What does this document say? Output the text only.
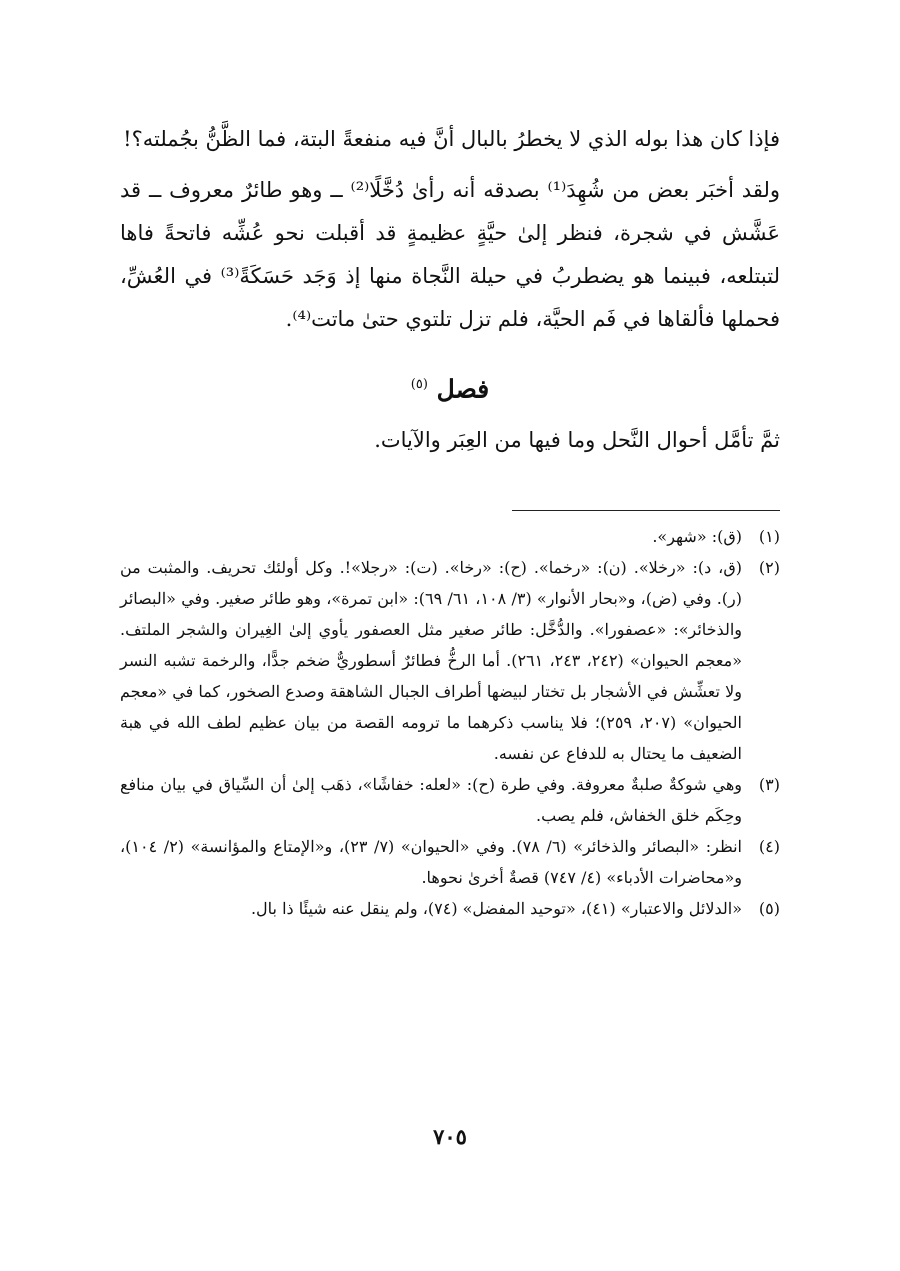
فإذا كان هذا بوله الذي لا يخطرُ بالبال أنَّ فيه منفعةً البتة، فما الظَّنُّ بجُملته؟!

ولقد أخبَر بعض من شُهِدَ⁽¹⁾ بصدقه أنه رأىٰ دُخَّلًا⁽²⁾ ــ وهو طائرٌ معروف ــ قد عَشَّش في شجرة، فنظر إلىٰ حيَّةٍ عظيمةٍ قد أقبلت نحو عُشِّه فاتحةً فاها لتبتلعه، فبينما هو يضطربُ في حيلة النَّجاة منها إذ وَجَد حَسَكَةً⁽³⁾ في العُشِّ، فحملها فألقاها في فَم الحيَّة، فلم تزل تلتوي حتىٰ ماتت⁽⁴⁾.

فصل $^{(٥)}$

ثمَّ تأمَّل أحوال النَّحل وما فيها من العِبَر والآيات.

(١)
(ق): «شهر».
(٢)
(ق، د): «رخلا». (ن): «رخما». (ح): «رخا». (ت): «رجلا»!. وكل أولئك تحريف. والمثبت من (ر). وفي (ض)، و«بحار الأنوار» (٣/ ١٠٨، ٦١/ ٦٩): «ابن تمرة»، وهو طائر صغير. وفي «البصائر والذخائر»: «عصفورا». والدُّخَّل: طائر صغير مثل العصفور يأوي إلىٰ الغِيران والشجر الملتف. «معجم الحيوان» (٢٤٢، ٢٤٣، ٢٦١). أما الرخُّ فطائرٌ أسطوريٌّ ضخم جدًّا، والرخمة تشبه النسر ولا تعشِّش في الأشجار بل تختار لبيضها أطراف الجبال الشاهقة وصدع الصخور، كما في «معجم الحيوان» (٢٠٧، ٢٥٩)؛ فلا يناسب ذكرهما ما ترومه القصة من بيان عظيم لطف الله في هبة الضعيف ما يحتال به للدفاع عن نفسه.
(٣)
وهي شوكةٌ صلبةٌ معروفة. وفي طرة (ح): «لعله: خفاشًا»، ذهَب إلىٰ أن السِّياق في بيان منافع وحِكَم خلق الخفاش، فلم يصب.
(٤)
انظر: «البصائر والذخائر» (٦/ ٧٨). وفي «الحيوان» (٧/ ٢٣)، و«الإمتاع والمؤانسة» (٢/ ١٠٤)، و«محاضرات الأدباء» (٤/ ٧٤٧) قصةٌ أخرىٰ نحوها.
(٥)
«الدلائل والاعتبار» (٤١)، «توحيد المفضل» (٧٤)، ولم ينقل عنه شيئًا ذا بال.
٧٠٥
